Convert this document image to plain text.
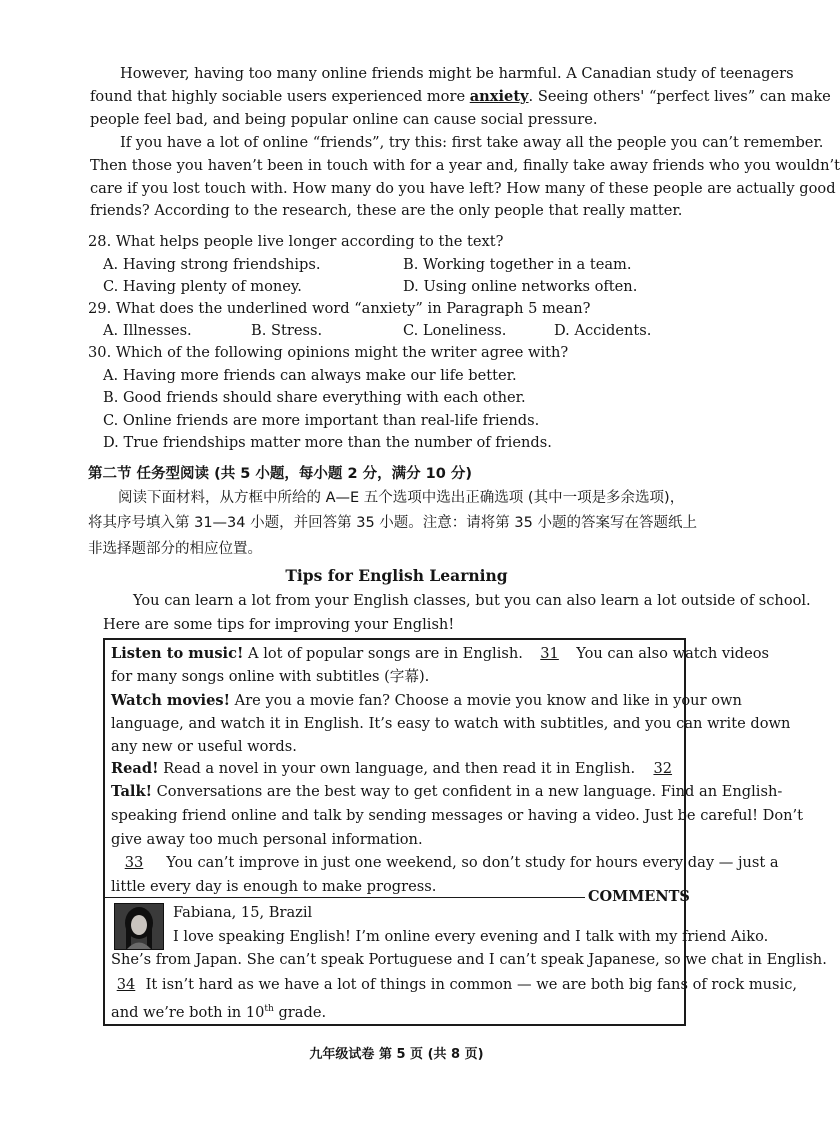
However, having too many online friends might be harmful. A Canadian study of teenagers
found that highly sociable users experienced more anxiety. Seeing others' “perfect lives” can make
people feel bad, and being popular online can cause social pressure.
If you have a lot of online “friends”, try this: first take away all the people you can’t remember.
Then those you haven’t been in touch with for a year and, finally take away friends who you wouldn’t
care if you lost touch with. How many do you have left? How many of these people are actually good
friends? According to the research, these are the only people that really matter.
28. What helps people live longer according to the text?
A. Having strong friendships.	B. Working together in a team.
C. Having plenty of money.	D. Using online networks often.
29. What does the underlined word “anxiety” in Paragraph 5 mean?
A. Illnesses.	B. Stress.	C. Loneliness.	D. Accidents.
30. Which of the following opinions might the writer agree with?
A. Having more friends can always make our life better.
B. Good friends should share everything with each other.
C. Online friends are more important than real-life friends.
D. True friendships matter more than the number of friends.
第二节 任务型阅读 (共 5 小题，每小题 2 分，满分 10 分)
阅读下面材料，从方框中所给的 A—E 五个选项中选出正确选项 (其中一项是多余选项)，
将其序号填入第 31—34 小题，并回答第 35 小题。注意：请将第 35 小题的答案写在答题纸上
非选择题部分的相应位置。
Tips for English Learning
You can learn a lot from your English classes, but you can also learn a lot outside of school.
Here are some tips for improving your English!
Listen to music! A lot of popular songs are in English. 31 You can also watch videos
for many songs online with subtitles (字幕).
Watch movies! Are you a movie fan? Choose a movie you know and like in your own
language, and watch it in English. It’s easy to watch with subtitles, and you can write down
any new or useful words.
Read! Read a novel in your own language, and then read it in English. 32
Talk! Conversations are the best way to get confident in a new language. Find an English-
speaking friend online and talk by sending messages or having a video. Just be careful! Don’t
give away too much personal information.
33 You can’t improve in just one weekend, so don’t study for hours every day — just a
little every day is enough to make progress.
COMMENTS
Fabiana, 15, Brazil
I love speaking English! I’m online every evening and I talk with my friend Aiko.
She’s from Japan. She can’t speak Portuguese and I can’t speak Japanese, so we chat in English.
34 It isn’t hard as we have a lot of things in common — we are both big fans of rock music,
and we’re both in 10th grade.
九年级试卷 第 5 页 (共 8 页)
